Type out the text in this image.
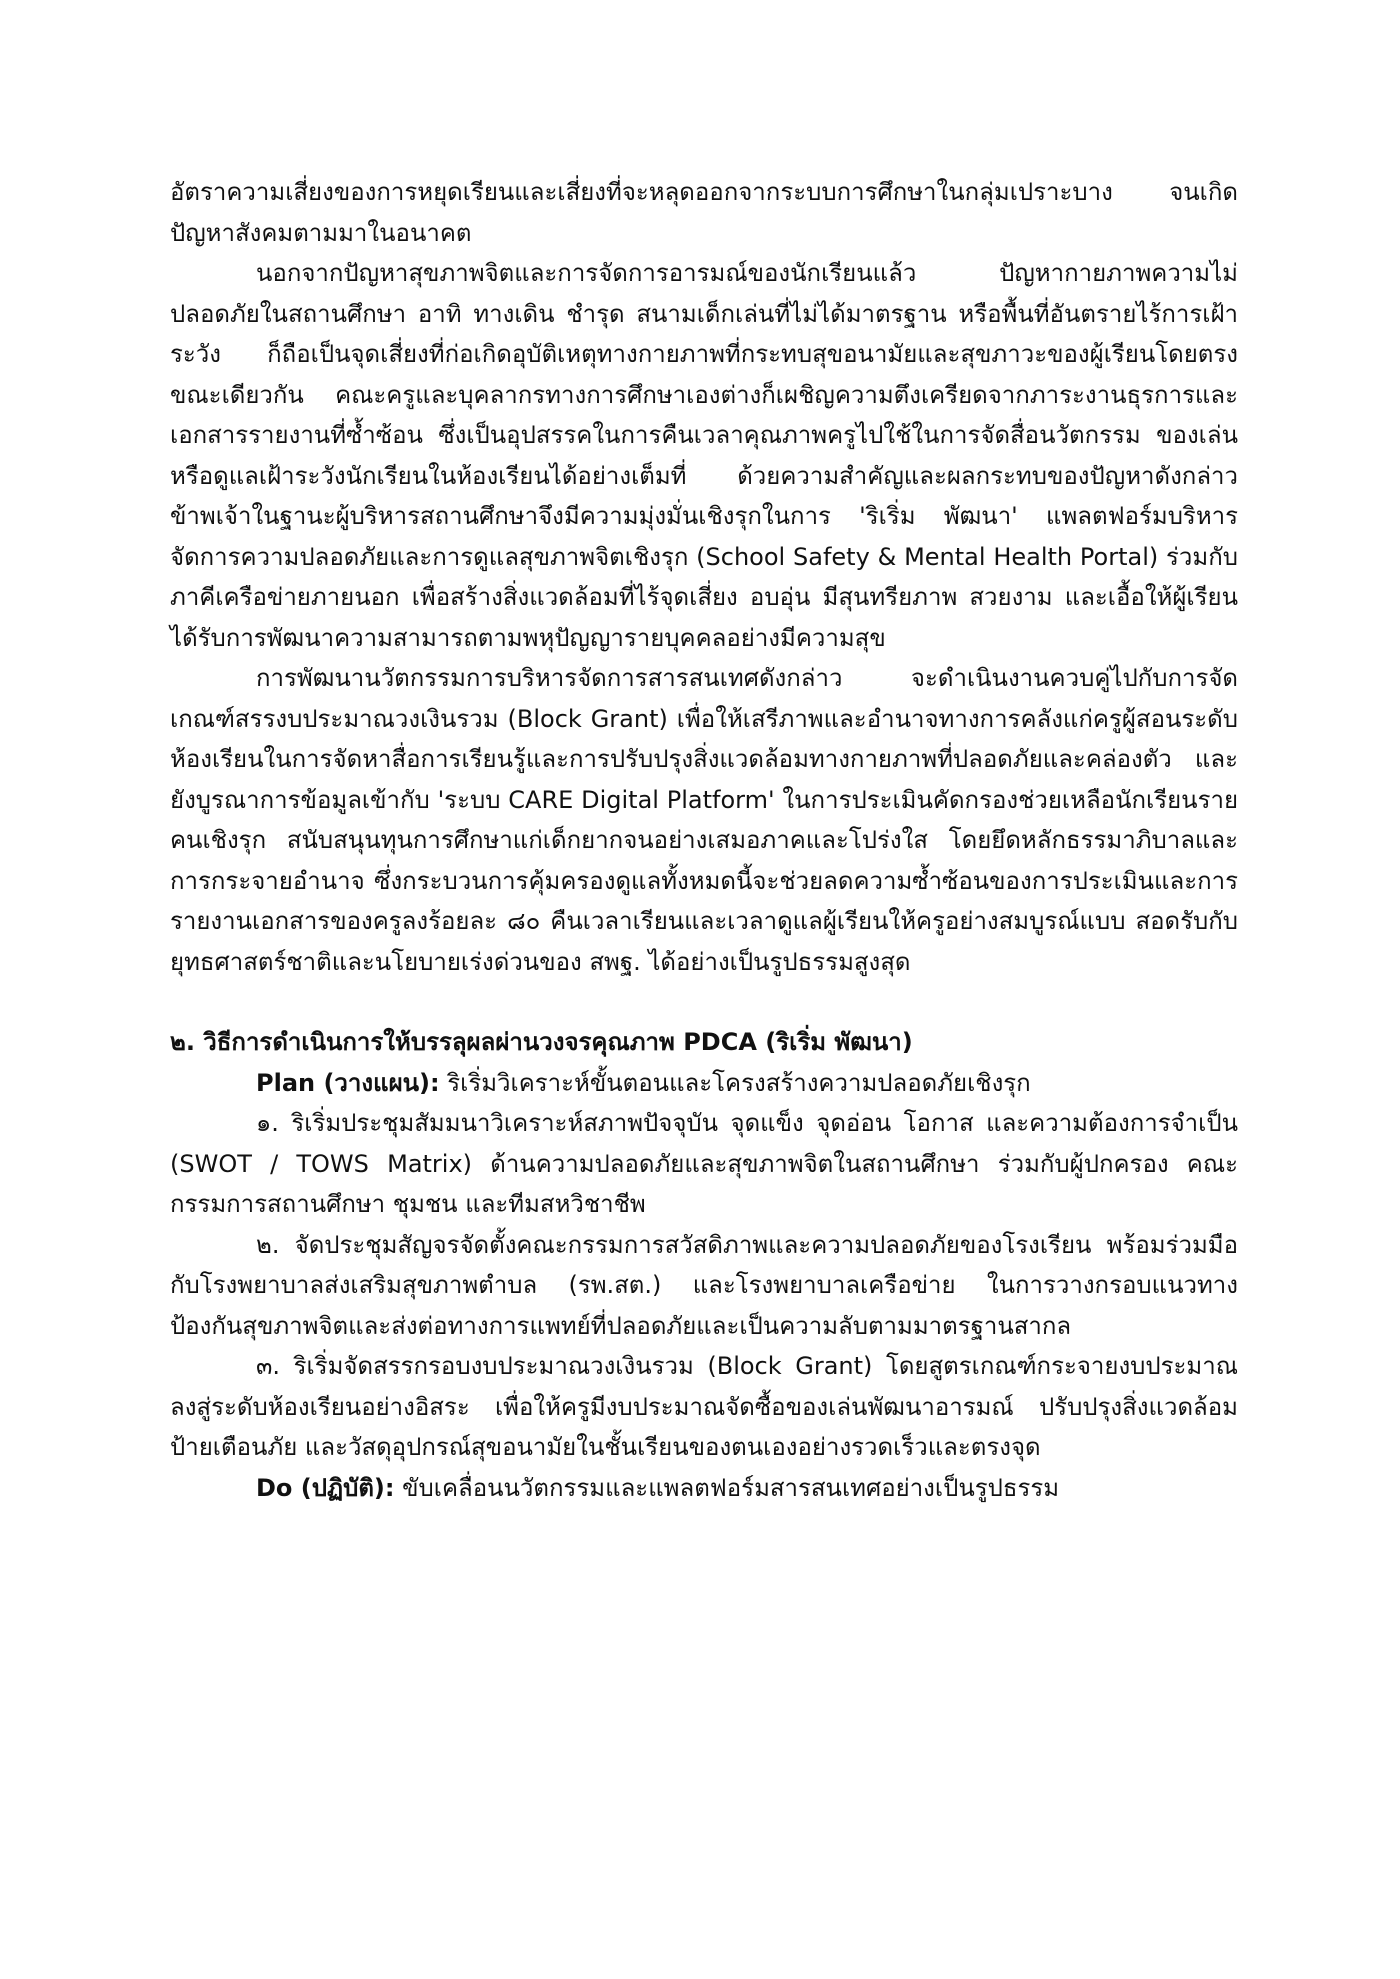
อัตราความเสี่ยงของการหยุดเรียนและเสี่ยงที่จะหลุดออกจากระบบการศึกษาในกลุ่มเปราะบาง จนเกิดปัญหาสังคมตามมาในอนาคต

นอกจากปัญหาสุขภาพจิตและการจัดการอารมณ์ของนักเรียนแล้ว ปัญหากายภาพความไม่ปลอดภัยในสถานศึกษา อาทิ ทางเดิน ชำรุด สนามเด็กเล่นที่ไม่ได้มาตรฐาน หรือพื้นที่อันตรายไร้การเฝ้าระวัง ก็ถือเป็นจุดเสี่ยงที่ก่อเกิดอุบัติเหตุทางกายภาพที่กระทบสุขอนามัยและสุขภาวะของผู้เรียนโดยตรง ขณะเดียวกัน คณะครูและบุคลากรทางการศึกษาเองต่างก็เผชิญความตึงเครียดจากภาระงานธุรการและเอกสารรายงานที่ซ้ำซ้อน ซึ่งเป็นอุปสรรคในการคืนเวลาคุณภาพครูไปใช้ในการจัดสื่อนวัตกรรม ของเล่น หรือดูแลเฝ้าระวังนักเรียนในห้องเรียนได้อย่างเต็มที่ ด้วยความสำคัญและผลกระทบของปัญหาดังกล่าว ข้าพเจ้าในฐานะผู้บริหารสถานศึกษาจึงมีความมุ่งมั่นเชิงรุกในการ 'ริเริ่ม พัฒนา' แพลตฟอร์มบริหารจัดการความปลอดภัยและการดูแลสุขภาพจิตเชิงรุก (School Safety & Mental Health Portal) ร่วมกับภาคีเครือข่ายภายนอก เพื่อสร้างสิ่งแวดล้อมที่ไร้จุดเสี่ยง อบอุ่น มีสุนทรียภาพ สวยงาม และเอื้อให้ผู้เรียนได้รับการพัฒนาความสามารถตามพหุปัญญารายบุคคลอย่างมีความสุข

การพัฒนานวัตกรรมการบริหารจัดการสารสนเทศดังกล่าว จะดำเนินงานควบคู่ไปกับการจัดเกณฑ์สรรงบประมาณวงเงินรวม (Block Grant) เพื่อให้เสรีภาพและอำนาจทางการคลังแก่ครูผู้สอนระดับห้องเรียนในการจัดหาสื่อการเรียนรู้และการปรับปรุงสิ่งแวดล้อมทางกายภาพที่ปลอดภัยและคล่องตัว และยังบูรณาการข้อมูลเข้ากับ 'ระบบ CARE Digital Platform' ในการประเมินคัดกรองช่วยเหลือนักเรียนรายคนเชิงรุก สนับสนุนทุนการศึกษาแก่เด็กยากจนอย่างเสมอภาคและโปร่งใส โดยยึดหลักธรรมาภิบาลและการกระจายอำนาจ ซึ่งกระบวนการคุ้มครองดูแลทั้งหมดนี้จะช่วยลดความซ้ำซ้อนของการประเมินและการรายงานเอกสารของครูลงร้อยละ ๘๐ คืนเวลาเรียนและเวลาดูแลผู้เรียนให้ครูอย่างสมบูรณ์แบบ สอดรับกับยุทธศาสตร์ชาติและนโยบายเร่งด่วนของ สพฐ. ได้อย่างเป็นรูปธรรมสูงสุด

๒. วิธีการดำเนินการให้บรรลุผลผ่านวงจรคุณภาพ PDCA (ริเริ่ม พัฒนา)

Plan (วางแผน): ริเริ่มวิเคราะห์ขั้นตอนและโครงสร้างความปลอดภัยเชิงรุก

๑. ริเริ่มประชุมสัมมนาวิเคราะห์สภาพปัจจุบัน จุดแข็ง จุดอ่อน โอกาส และความต้องการจำเป็น (SWOT / TOWS Matrix) ด้านความปลอดภัยและสุขภาพจิตในสถานศึกษา ร่วมกับผู้ปกครอง คณะกรรมการสถานศึกษา ชุมชน และทีมสหวิชาชีพ

๒. จัดประชุมสัญจรจัดตั้งคณะกรรมการสวัสดิภาพและความปลอดภัยของโรงเรียน พร้อมร่วมมือกับโรงพยาบาลส่งเสริมสุขภาพตำบล (รพ.สต.) และโรงพยาบาลเครือข่าย ในการวางกรอบแนวทางป้องกันสุขภาพจิตและส่งต่อทางการแพทย์ที่ปลอดภัยและเป็นความลับตามมาตรฐานสากล

๓. ริเริ่มจัดสรรกรอบงบประมาณวงเงินรวม (Block Grant) โดยสูตรเกณฑ์กระจายงบประมาณลงสู่ระดับห้องเรียนอย่างอิสระ เพื่อให้ครูมีงบประมาณจัดซื้อของเล่นพัฒนาอารมณ์ ปรับปรุงสิ่งแวดล้อม ป้ายเตือนภัย และวัสดุอุปกรณ์สุขอนามัยในชั้นเรียนของตนเองอย่างรวดเร็วและตรงจุด

Do (ปฏิบัติ): ขับเคลื่อนนวัตกรรมและแพลตฟอร์มสารสนเทศอย่างเป็นรูปธรรม
